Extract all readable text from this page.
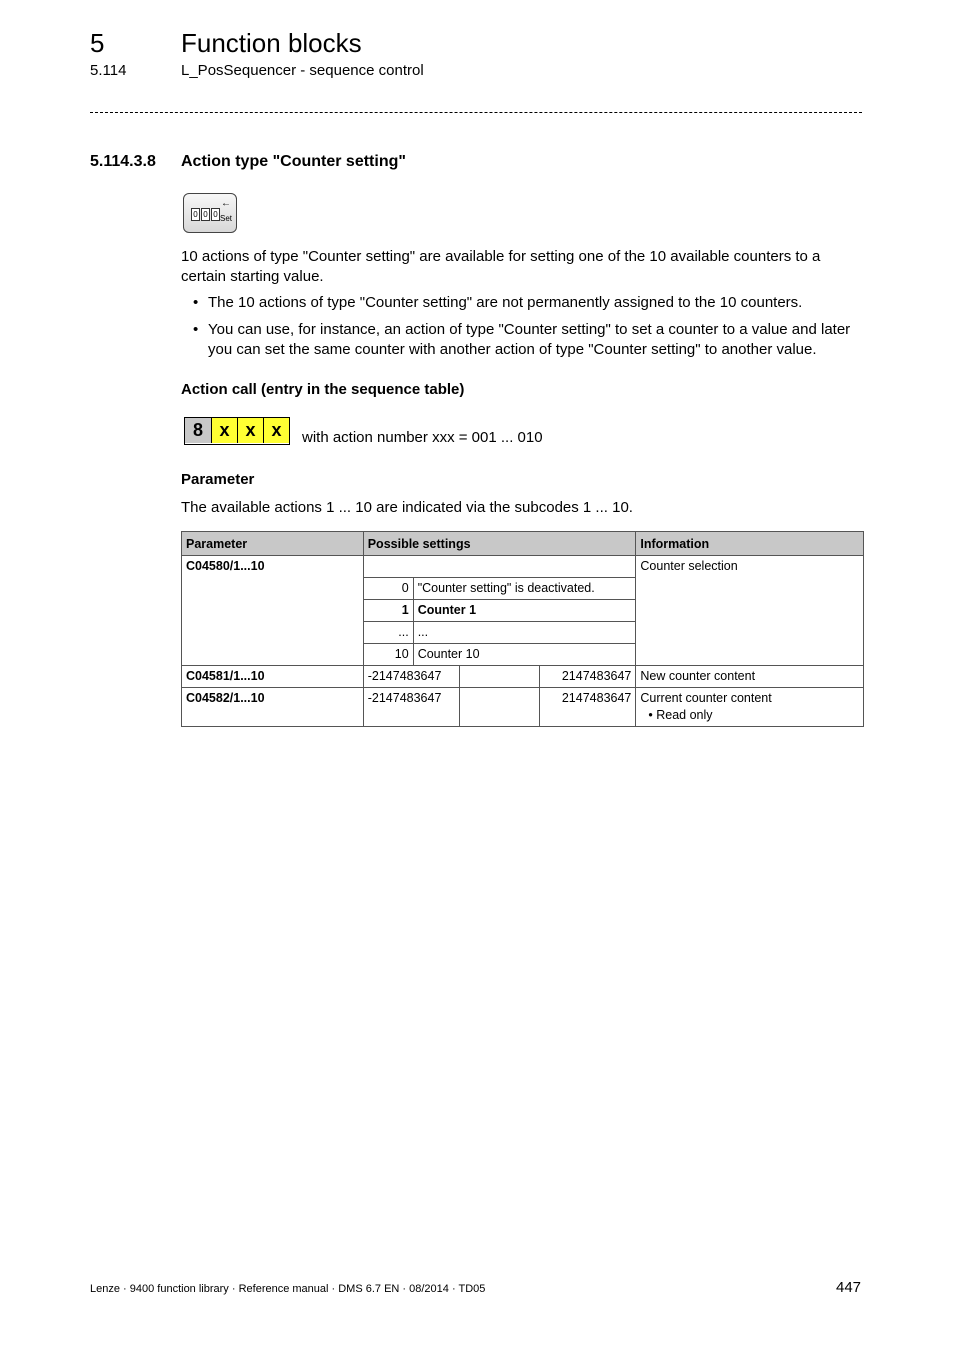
5	Function blocks
5.114	L_PosSequencer - sequence control
5.114.3.8 Action type "Counter setting"
0 0 0
←
Set
10 actions of type "Counter setting" are available for setting one of the 10 available counters to a certain starting value.
• The 10 actions of type "Counter setting" are not permanently assigned to the 10 counters.
• You can use, for instance, an action of type "Counter setting" to set a counter to a value and later you can set the same counter with another action of type "Counter setting" to another value.
Action call (entry in the sequence table)
8 x x x	with action number xxx = 001 ... 010
Parameter
The available actions 1 ... 10 are indicated via the subcodes 1 ... 10.
Parameter	Possible settings				Information
C04580/1...10					Counter selection
	0	"Counter setting" is deactivated.			
	1	Counter 1			
	...	...			
	10	Counter 10			
C04581/1...10	-2147483647			2147483647	New counter content
C04582/1...10	-2147483647			2147483647	Current counter content
• Read only
Lenze · 9400 function library · Reference manual · DMS 6.7 EN · 08/2014 · TD05	447
